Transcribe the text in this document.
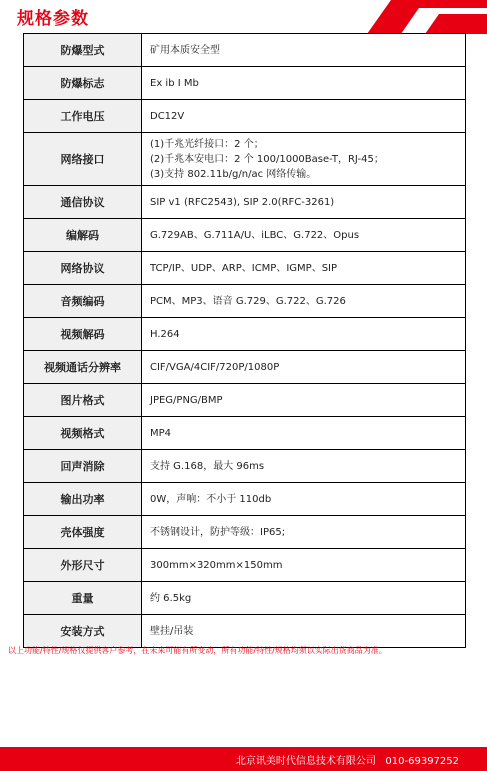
规格参数
防爆型式	矿用本质安全型
防爆标志	Ex ib I Mb
工作电压	DC12V
网络接口	(1)千兆光纤接口：2 个；
(2)千兆本安电口：2 个 100/1000Base-T，RJ-45；
(3)支持 802.11b/g/n/ac 网络传输。

通信协议	SIP v1 (RFC2543), SIP 2.0(RFC-3261)
编解码	G.729AB、G.711A/U、iLBC、G.722、Opus
网络协议	TCP/IP、UDP、ARP、ICMP、IGMP、SIP
音频编码	PCM、MP3、语音 G.729、G.722、G.726
视频解码	H.264
视频通话分辨率	CIF/VGA/4CIF/720P/1080P
图片格式	JPEG/PNG/BMP
视频格式	MP4
回声消除	支持 G.168，最大 96ms
输出功率	0W，声响：不小于 110db
壳体强度	不锈钢设计，防护等级：IP65;
外形尺寸	300mm×320mm×150mm
重量	约 6.5kg
安装方式	壁挂/吊装
以上功能/特性/规格仅提供客户参考，在未来可能有所变动，所有功能/特性/规格均须以实际出货商品为准。
北京讯美时代信息技术有限公司 010-69397252
